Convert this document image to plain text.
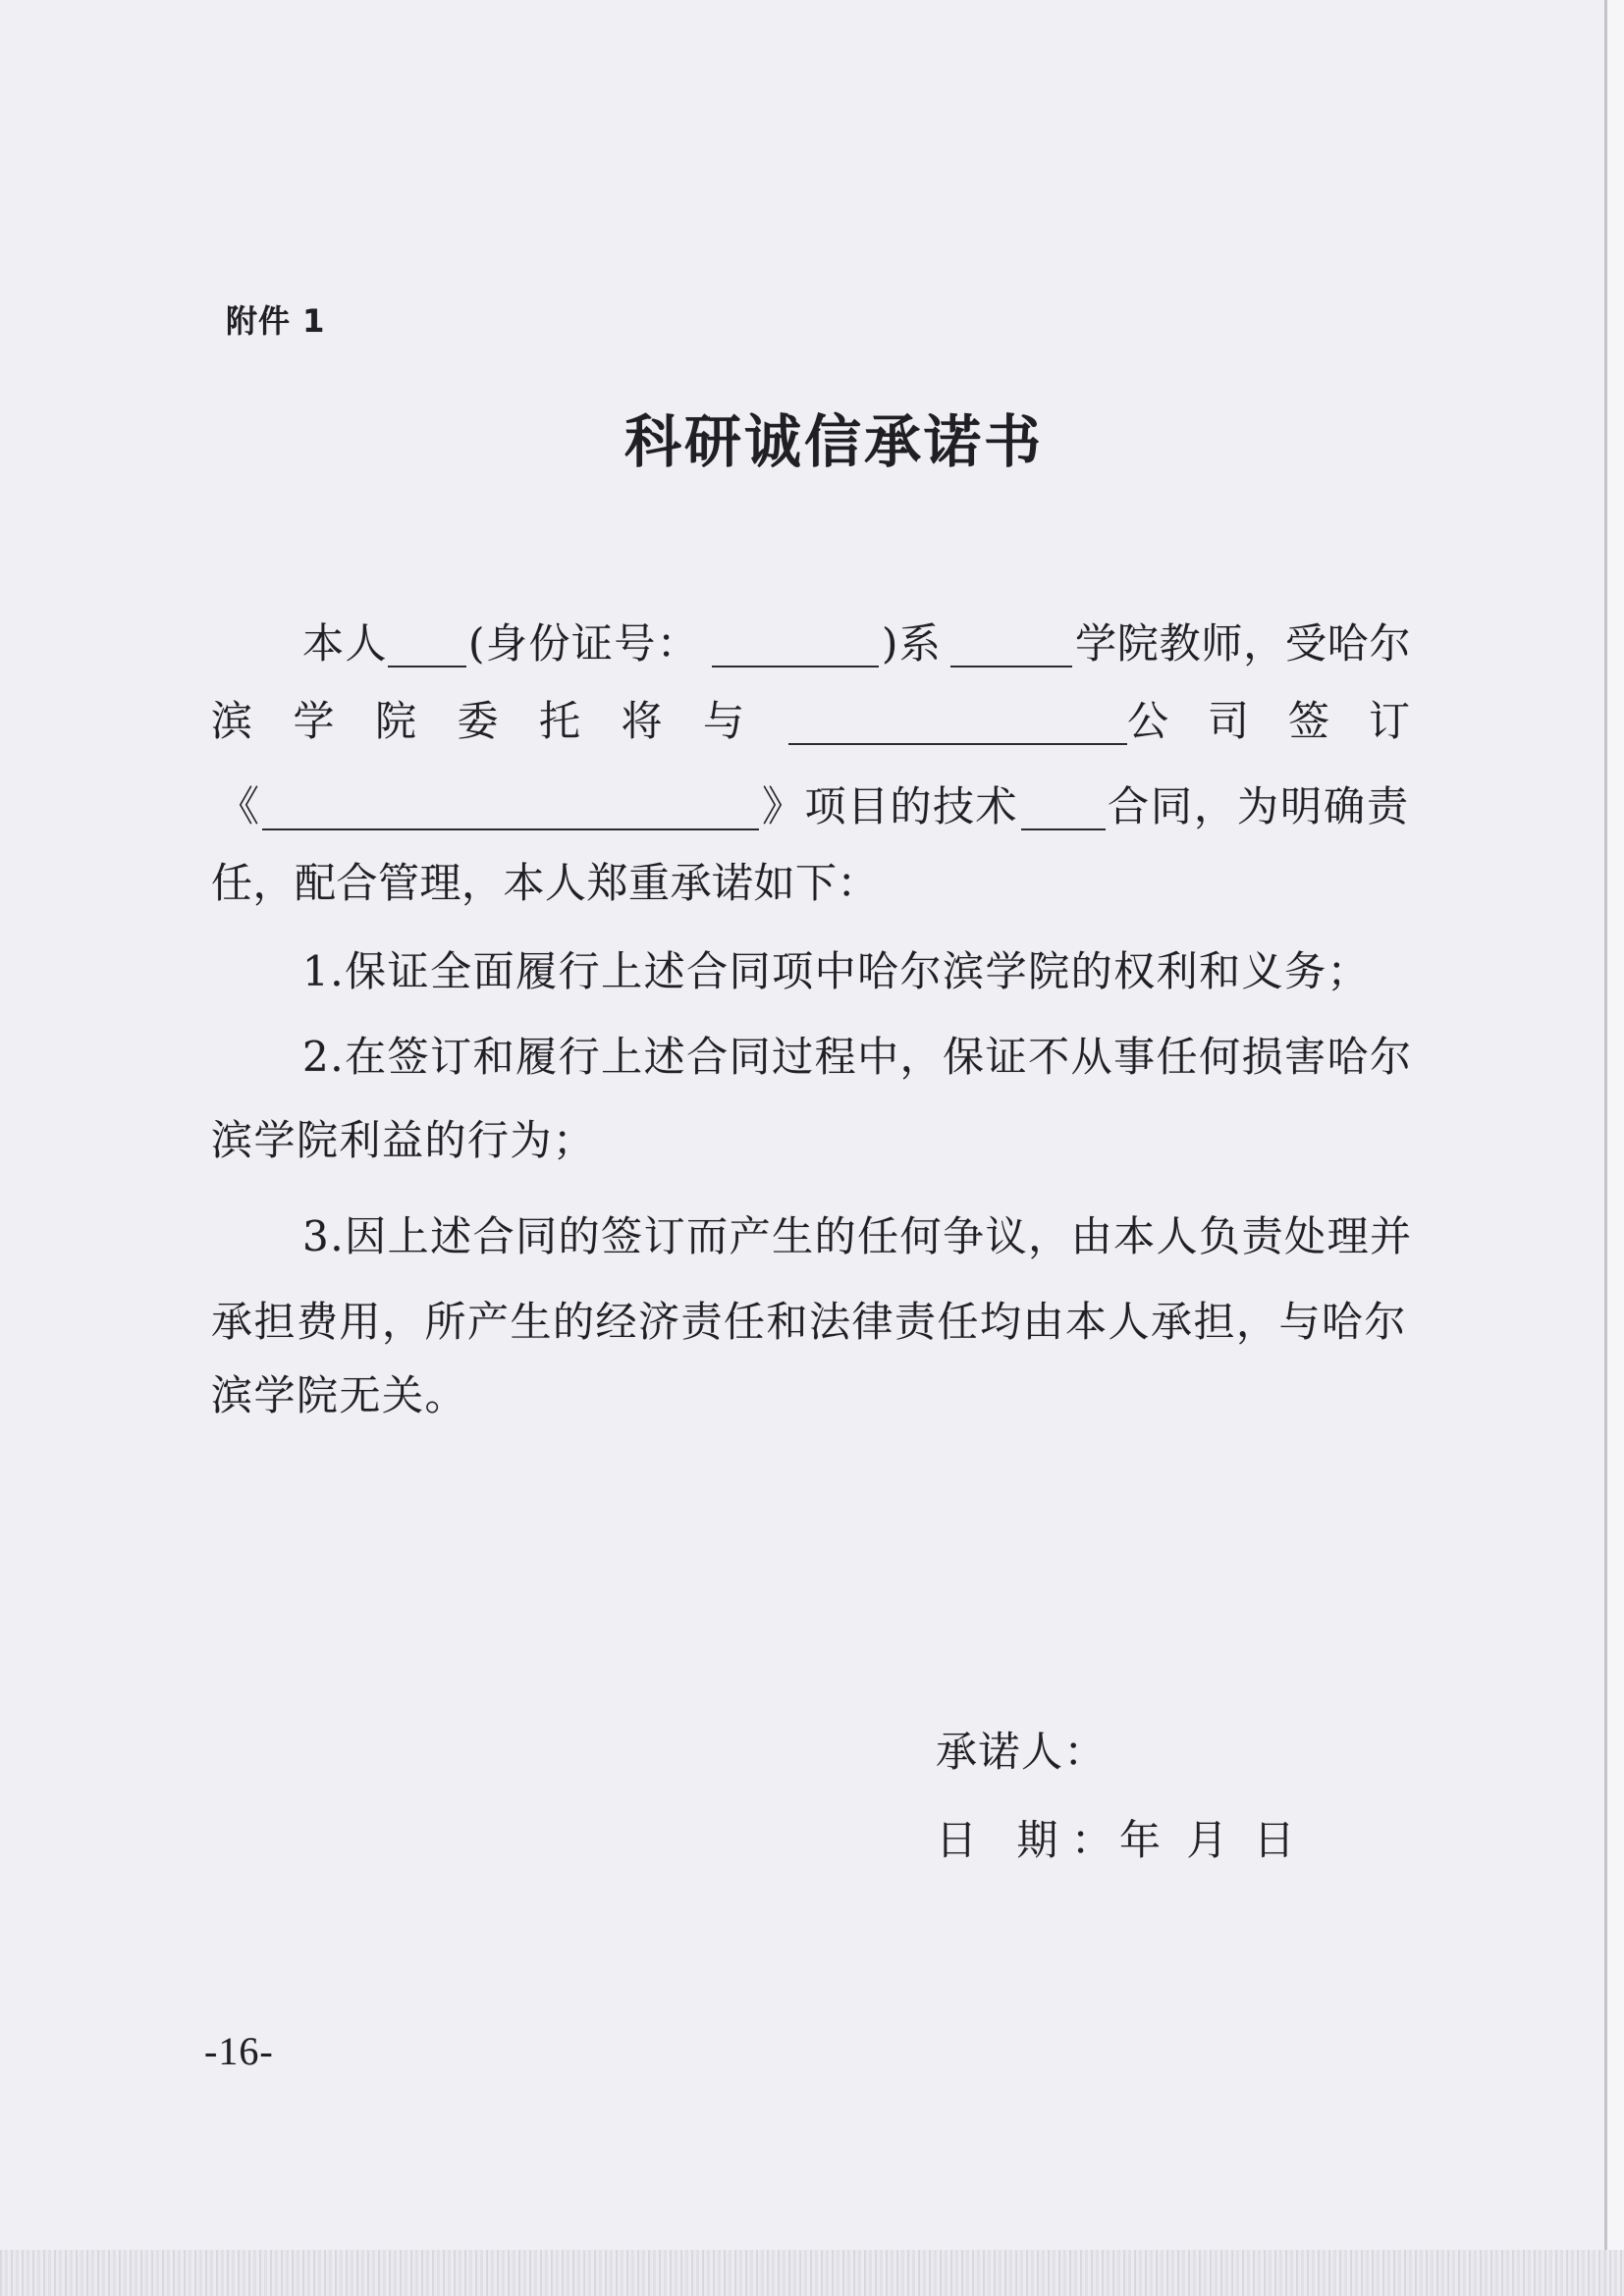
附件 1
科研诚信承诺书
本人 (身份证号：	)系	学院教师，受哈尔
滨学院委托将与	公司签订
《	》项目的技术 合同，为明确责
任，配合管理，本人郑重承诺如下：
1.保证全面履行上述合同项中哈尔滨学院的权利和义务；
2.在签订和履行上述合同过程中，保证不从事任何损害哈尔
滨学院利益的行为；
3.因上述合同的签订而产生的任何争议，由本人负责处理并
承担费用，所产生的经济责任和法律责任均由本人承担，与哈尔
滨学院无关。
承诺人：
日 期：
年 月 日
-16-
